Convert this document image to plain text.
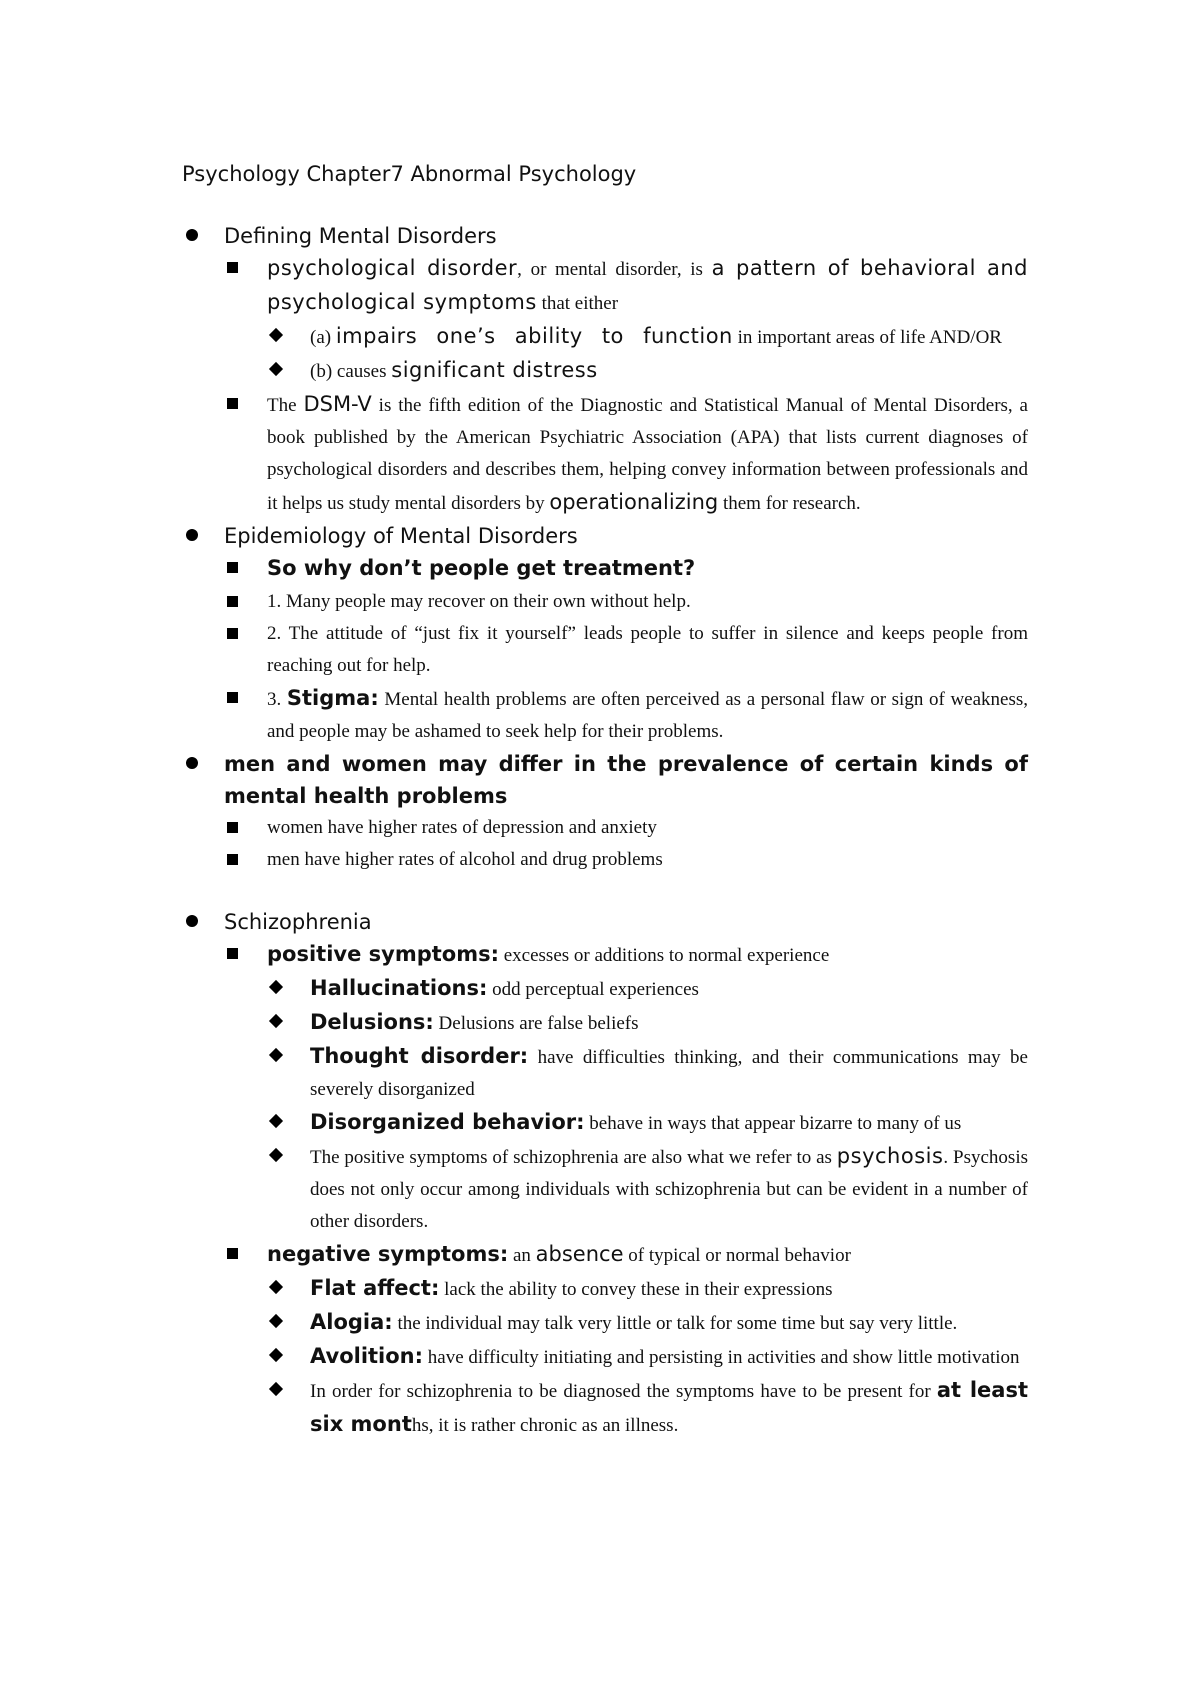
Psychology Chapter7 Abnormal Psychology
Defining Mental Disorders
psychological disorder, or mental disorder, is a pattern of behavioral and psychological symptoms that either
(a) impairs one’s ability to function in important areas of life AND/OR
(b) causes significant distress
The DSM-V is the fifth edition of the Diagnostic and Statistical Manual of Mental Disorders, a book published by the American Psychiatric Association (APA) that lists current diagnoses of psychological disorders and describes them, helping convey information between professionals and it helps us study mental disorders by operationalizing them for research.
Epidemiology of Mental Disorders
So why don’t people get treatment?
1. Many people may recover on their own without help.
2. The attitude of “just fix it yourself” leads people to suffer in silence and keeps people from reaching out for help.
3. Stigma: Mental health problems are often perceived as a personal flaw or sign of weakness, and people may be ashamed to seek help for their problems.
men and women may differ in the prevalence of certain kinds of mental health problems
women have higher rates of depression and anxiety
men have higher rates of alcohol and drug problems
Schizophrenia
positive symptoms: excesses or additions to normal experience
Hallucinations: odd perceptual experiences
Delusions: Delusions are false beliefs
Thought disorder: have difficulties thinking, and their communications may be severely disorganized
Disorganized behavior: behave in ways that appear bizarre to many of us
The positive symptoms of schizophrenia are also what we refer to as psychosis. Psychosis does not only occur among individuals with schizophrenia but can be evident in a number of other disorders.
negative symptoms: an absence of typical or normal behavior
Flat affect: lack the ability to convey these in their expressions
Alogia: the individual may talk very little or talk for some time but say very little.
Avolition: have difficulty initiating and persisting in activities and show little motivation
In order for schizophrenia to be diagnosed the symptoms have to be present for at least six months, it is rather chronic as an illness.
